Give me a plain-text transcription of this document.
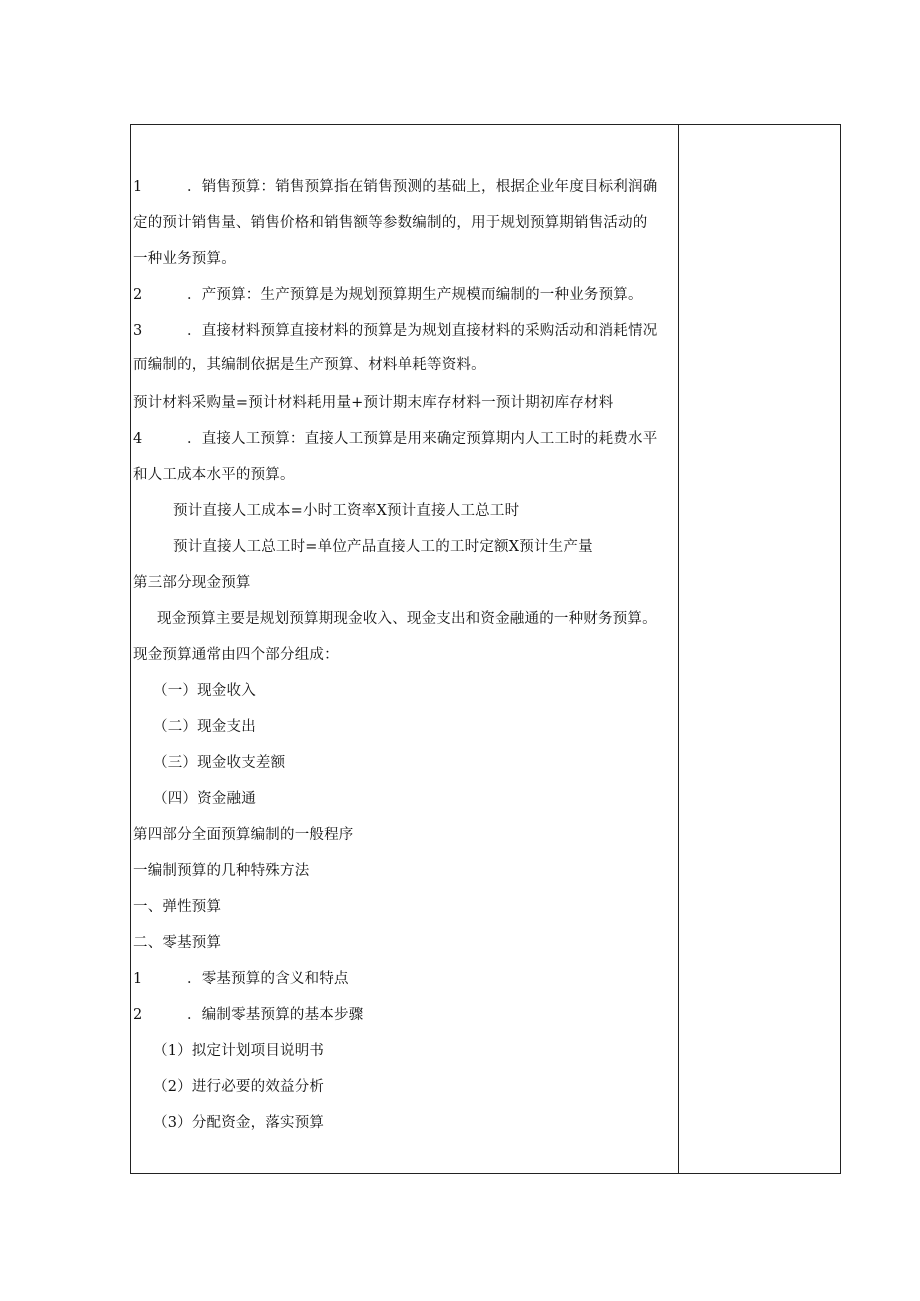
1	．销售预算：销售预算指在销售预测的基础上，根据企业年度目标利润确
定的预计销售量、销售价格和销售额等参数编制的，用于规划预算期销售活动的
一种业务预算。
2	．产预算：生产预算是为规划预算期生产规模而编制的一种业务预算。
3	．直接材料预算直接材料的预算是为规划直接材料的采购活动和消耗情况
而编制的，其编制依据是生产预算、材料单耗等资料。
预计材料采购量=预计材料耗用量+预计期末库存材料一预计期初库存材料
4	．直接人工预算：直接人工预算是用来确定预算期内人工工时的耗费水平
和人工成本水平的预算。
预计直接人工成本=小时工资率X预计直接人工总工时
预计直接人工总工时=单位产品直接人工的工时定额X预计生产量
第三部分现金预算
现金预算主要是规划预算期现金收入、现金支出和资金融通的一种财务预算。
现金预算通常由四个部分组成：
（一）现金收入
（二）现金支出
（三）现金收支差额
（四）资金融通
第四部分全面预算编制的一般程序
一编制预算的几种特殊方法
一、弹性预算
二、零基预算
1	．零基预算的含义和特点
2	．编制零基预算的基本步骤
（1）拟定计划项目说明书
（2）进行必要的效益分析
（3）分配资金，落实预算
